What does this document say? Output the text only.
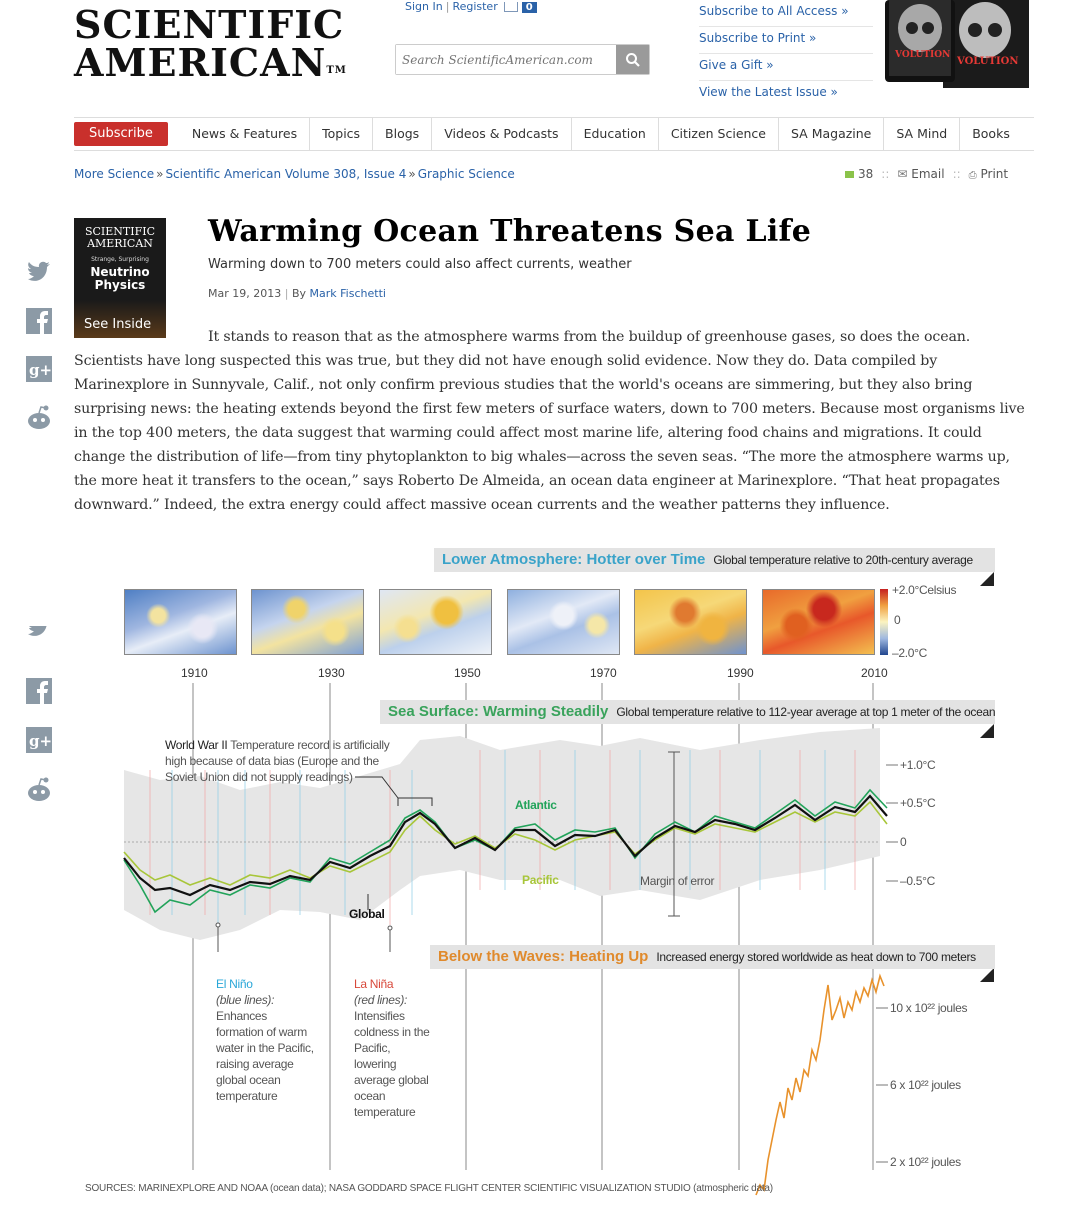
SCIENTIFIC
AMERICAN™
Sign In | Register	0
Search ScientificAmerican.com	Subscribe to All Access »
Subscribe to Print »
Give a Gift »
View the Latest Issue »
VOLUTION
VOLUTION
Subscribe	News & Features	Topics	Blogs	Videos & Podcasts	Education	Citizen Science	SA Magazine	SA Mind	Books
More Science » Scientific American Volume 308, Issue 4 » Graphic Science	38 :: ✉ Email :: ⎙ Print
SCIENTIFIC AMERICAN
Strange, Surprising
Neutrino Physics
See Inside
g+
Warming Ocean Threatens Sea Life
Warming down to 700 meters could also affect currents, weather
Mar 19, 2013 | By Mark Fischetti
It stands to reason that as the atmosphere warms from the buildup of greenhouse gases, so does the ocean. Scientists have long suspected this was true, but they did not have enough solid evidence. Now they do. Data compiled by Marinexplore in Sunnyvale, Calif., not only confirm previous studies that the world's oceans are simmering, but they also bring surprising news: the heating extends beyond the first few meters of surface waters, down to 700 meters. Because most organisms live in the top 400 meters, the data suggest that warming could affect most marine life, altering food chains and migrations. It could change the distribution of life—from tiny phytoplankton to big whales—across the seven seas. “The more the atmosphere warms up, the more heat it transfers to the ocean,” says Roberto De Almeida, an ocean data engineer at Marinexplore. “That heat propagates downward.” Indeed, the extra energy could affect massive ocean currents and the weather patterns they influence.
Lower Atmosphere: Hotter over Time Global temperature relative to 20th-century average
+2.0°Celsius
0
–2.0°C
1910	1930	1950	1970	1990	2010
Sea Surface: Warming Steadily Global temperature relative to 112-year average at top 1 meter of the ocean
World War II Temperature record is artificially high because of data bias (Europe and the Soviet Union did not supply readings)
Atlantic
Pacific
Global
Margin of error
+1.0°C
+0.5°C
0
–0.5°C
Below the Waves: Heating Up Increased energy stored worldwide as heat down to 700 meters
10 x 10²² joules
6 x 10²² joules
2 x 10²² joules
El Niño
(blue lines):
Enhances formation of warm water in the Pacific, raising average global ocean temperature
La Niña
(red lines):
Intensifies coldness in the Pacific, lowering average global ocean temperature
g+
SOURCES: MARINEXPLORE AND NOAA (ocean data); NASA GODDARD SPACE FLIGHT CENTER SCIENTIFIC VISUALIZATION STUDIO (atmospheric data)
